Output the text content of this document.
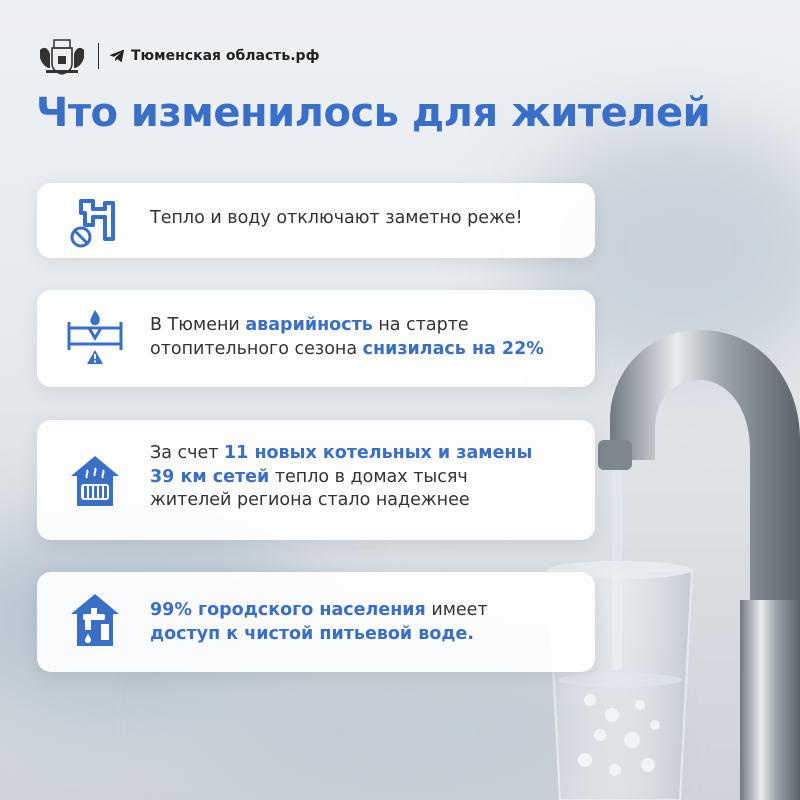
Тюменская область.рф
Что изменилось для жителей
Тепло и воду отключают заметно реже!
В Тюмени аварийность на старте
отопительного сезона снизилась на 22%
За счет 11 новых котельных и замены
39 км сетей тепло в домах тысяч
жителей региона стало надежнее
99% городского населения имеет
доступ к чистой питьевой воде.
